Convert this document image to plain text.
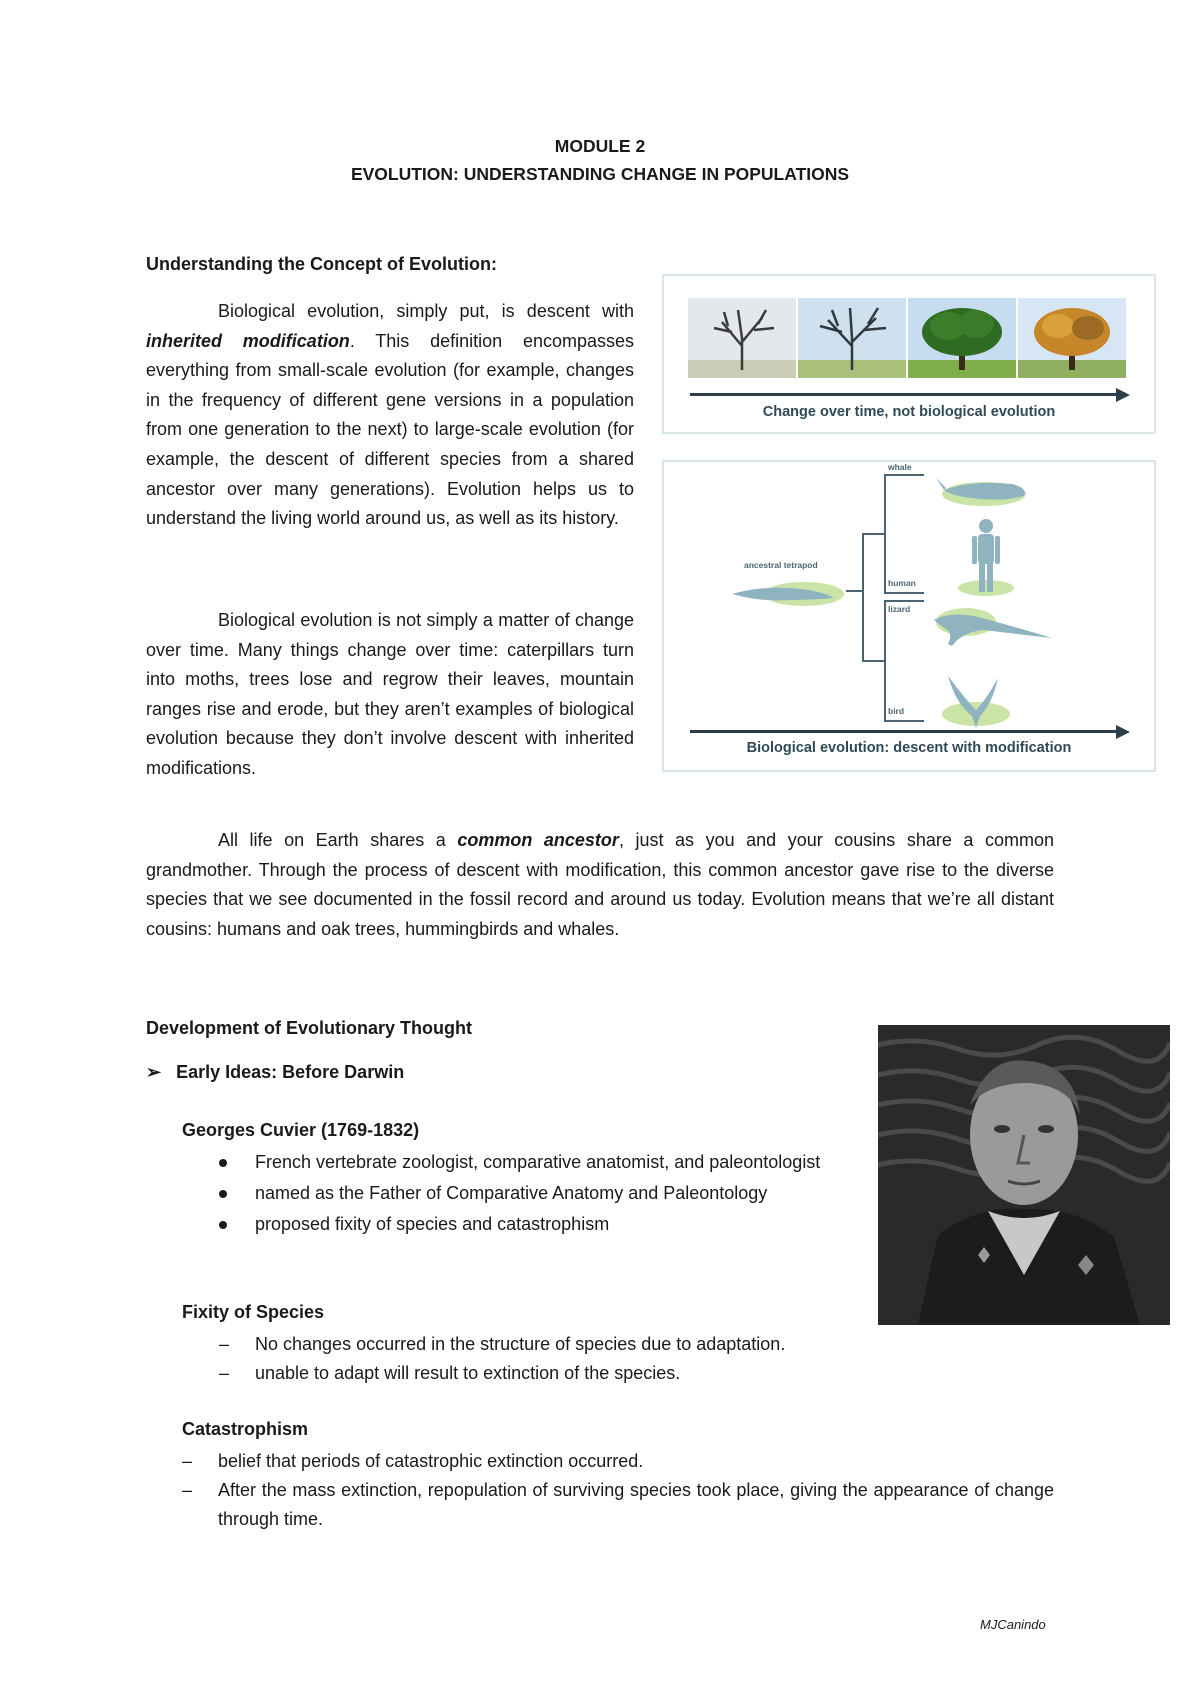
MODULE 2
EVOLUTION: UNDERSTANDING CHANGE IN POPULATIONS
Understanding the Concept of Evolution:
Biological evolution, simply put, is descent with inherited modification. This definition encompasses everything from small-scale evolution (for example, changes in the frequency of different gene versions in a population from one generation to the next) to large-scale evolution (for example, the descent of different species from a shared ancestor over many generations). Evolution helps us to understand the living world around us, as well as its history.
Biological evolution is not simply a matter of change over time. Many things change over time: caterpillars turn into moths, trees lose and regrow their leaves, mountain ranges rise and erode, but they aren’t examples of biological evolution because they don’t involve descent with inherited modifications.
Change over time, not biological evolution
ancestral tetrapod
whale
human
lizard
bird
Biological evolution: descent with modification
All life on Earth shares a common ancestor, just as you and your cousins share a common grandmother. Through the process of descent with modification, this common ancestor gave rise to the diverse species that we see documented in the fossil record and around us today. Evolution means that we’re all distant cousins: humans and oak trees, hummingbirds and whales.
Development of Evolutionary Thought
➢ Early Ideas: Before Darwin
Georges Cuvier (1769-1832)
French vertebrate zoologist, comparative anatomist, and paleontologist
named as the Father of Comparative Anatomy and Paleontology
proposed fixity of species and catastrophism
Fixity of Species
– No changes occurred in the structure of species due to adaptation.
– unable to adapt will result to extinction of the species.
Catastrophism
– belief that periods of catastrophic extinction occurred.
– After the mass extinction, repopulation of surviving species took place, giving the appearance of change through time.
MJCanindo
